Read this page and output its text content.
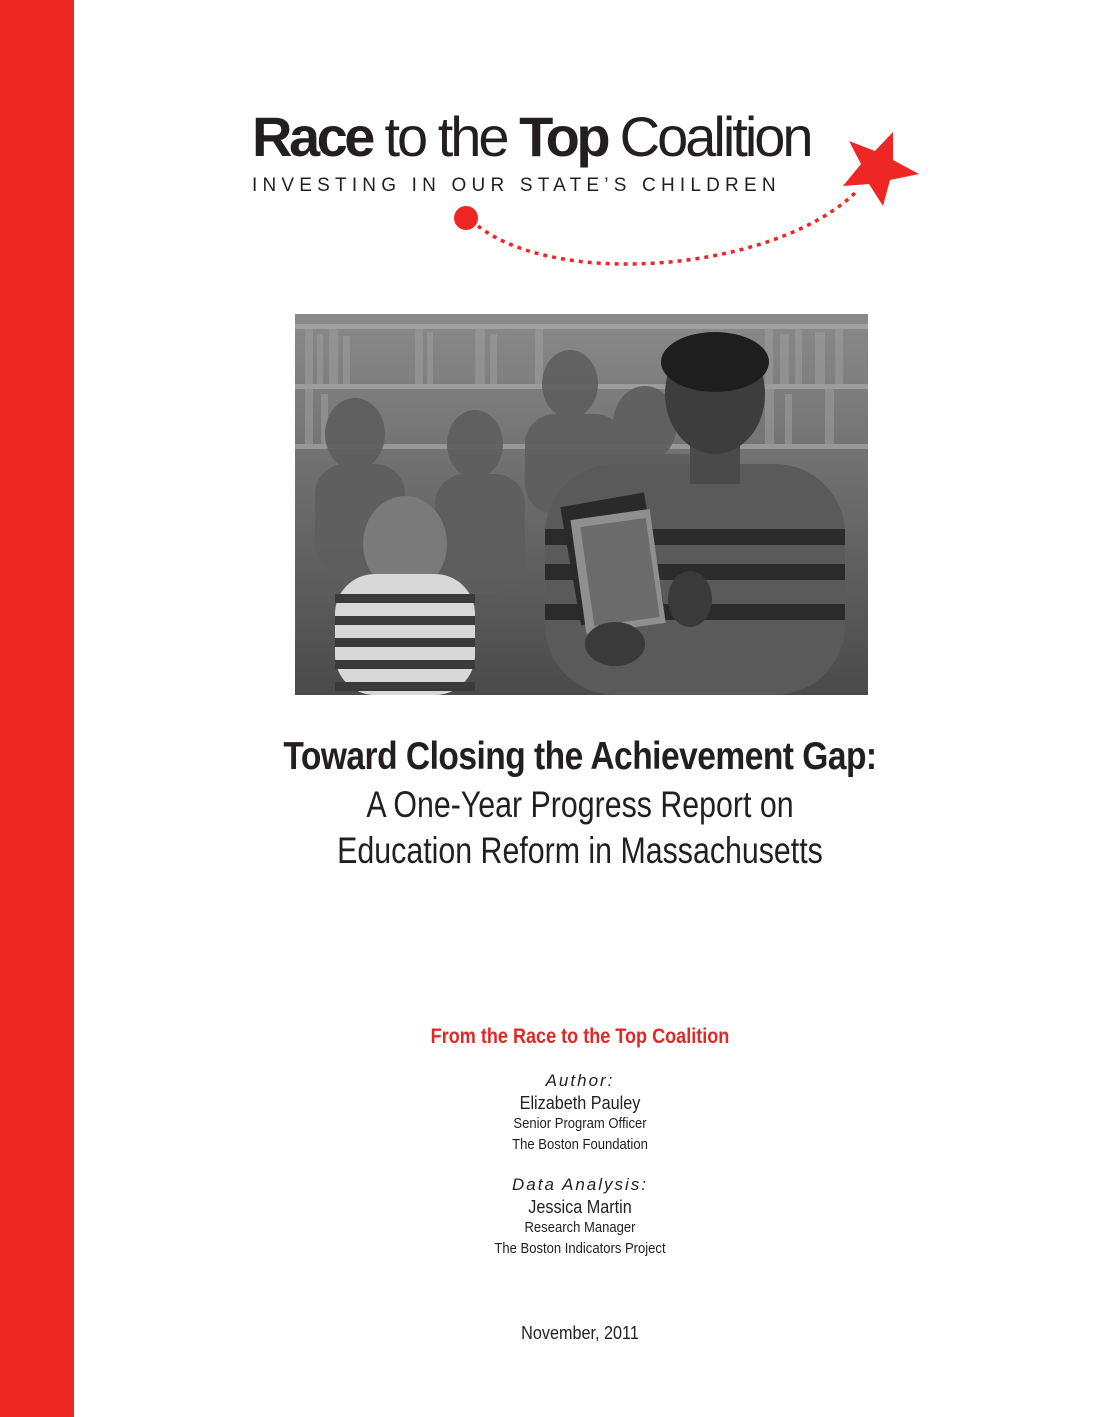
Race to the Top Coalition
INVESTING IN OUR STATE’S CHILDREN
Toward Closing the Achievement Gap:
A One-Year Progress Report on
Education Reform in Massachusetts
From the Race to the Top Coalition
Author:
Elizabeth Pauley
Senior Program Officer
The Boston Foundation
Data Analysis:
Jessica Martin
Research Manager
The Boston Indicators Project
November, 2011
